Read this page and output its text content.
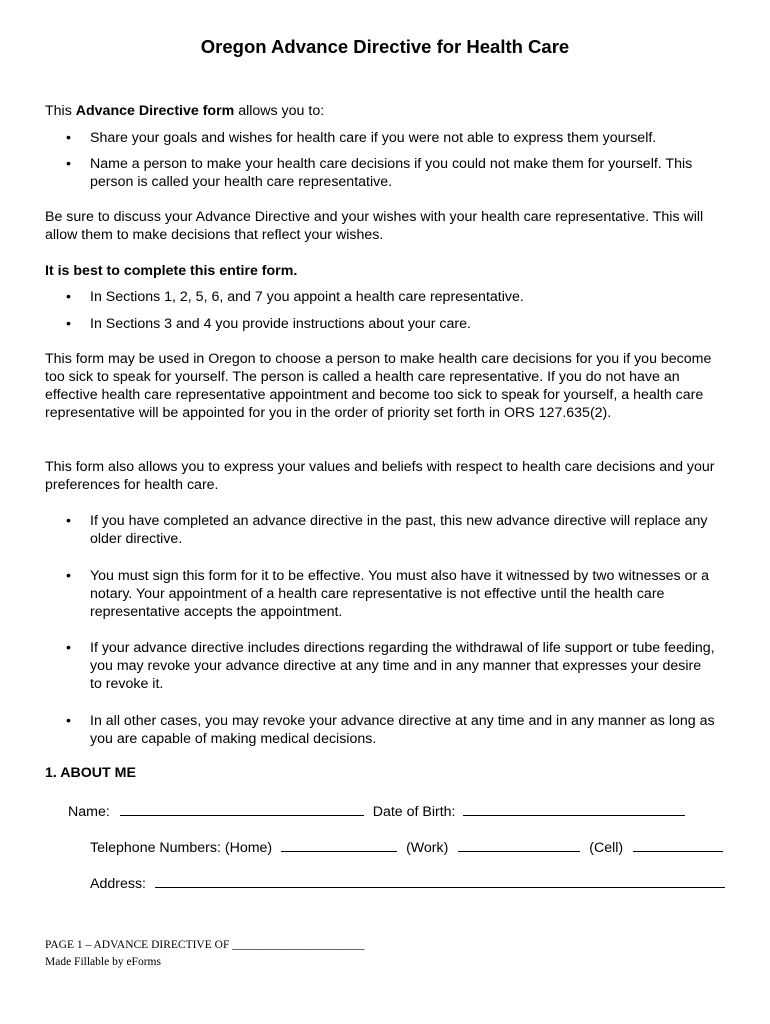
Oregon Advance Directive for Health Care

This Advance Directive form allows you to:

• Share your goals and wishes for health care if you were not able to express them yourself.
• Name a person to make your health care decisions if you could not make them for yourself. This person is called your health care representative.

Be sure to discuss your Advance Directive and your wishes with your health care representative. This will allow them to make decisions that reflect your wishes.

It is best to complete this entire form.

• In Sections 1, 2, 5, 6, and 7 you appoint a health care representative.
• In Sections 3 and 4 you provide instructions about your care.

This form may be used in Oregon to choose a person to make health care decisions for you if you become too sick to speak for yourself. The person is called a health care representative. If you do not have an effective health care representative appointment and become too sick to speak for yourself, a health care representative will be appointed for you in the order of priority set forth in ORS 127.635(2).

This form also allows you to express your values and beliefs with respect to health care decisions and your preferences for health care.

• If you have completed an advance directive in the past, this new advance directive will replace any older directive.
• You must sign this form for it to be effective. You must also have it witnessed by two witnesses or a notary. Your appointment of a health care representative is not effective until the health care representative accepts the appointment.
• If your advance directive includes directions regarding the withdrawal of life support or tube feeding, you may revoke your advance directive at any time and in any manner that expresses your desire to revoke it.
• In all other cases, you may revoke your advance directive at any time and in any manner as long as you are capable of making medical decisions.

1. ABOUT ME

Name:	Date of Birth:
Telephone Numbers: (Home)	(Work)	(Cell)
Address:
PAGE 1 – ADVANCE DIRECTIVE OF _______________________
Made Fillable by eForms
